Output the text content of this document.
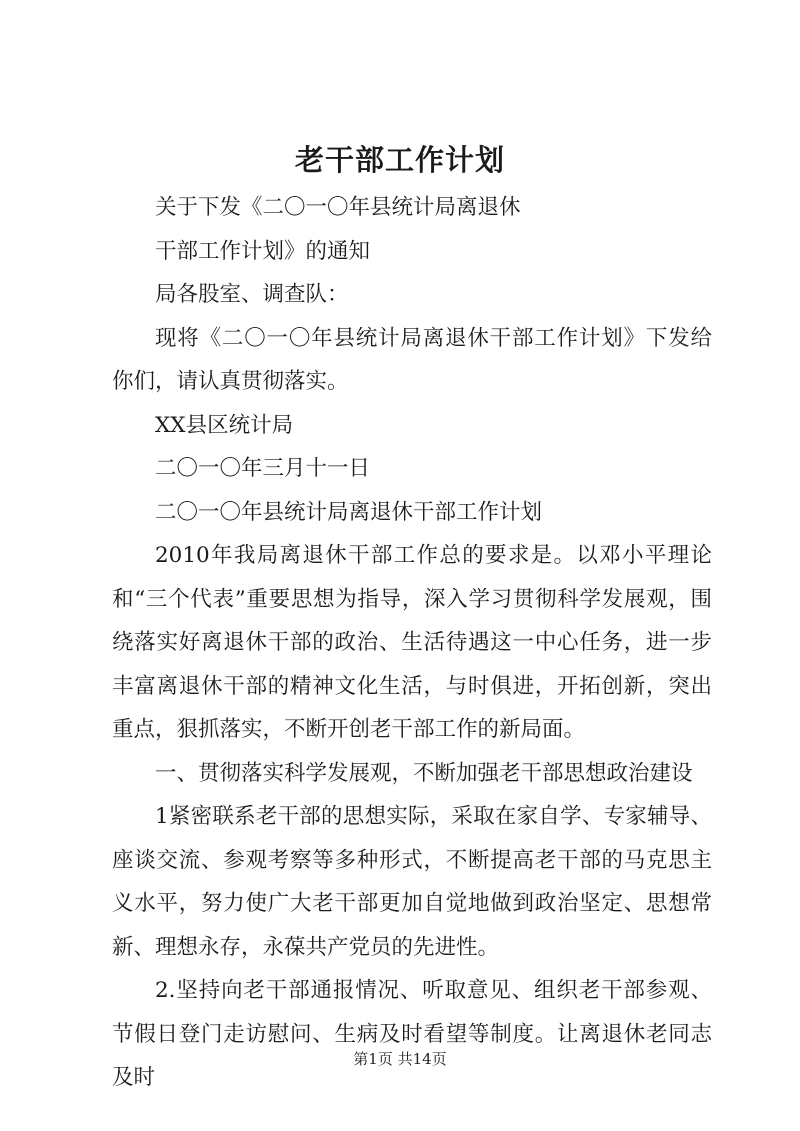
老干部工作计划

关于下发《二〇一〇年县统计局离退休

干部工作计划》的通知

局各股室、调查队：

现将《二〇一〇年县统计局离退休干部工作计划》下发给你们，请认真贯彻落实。

XX县区统计局

二〇一〇年三月十一日

二〇一〇年县统计局离退休干部工作计划

2010年我局离退休干部工作总的要求是。以邓小平理论和“三个代表”重要思想为指导，深入学习贯彻科学发展观，围绕落实好离退休干部的政治、生活待遇这一中心任务，进一步丰富离退休干部的精神文化生活，与时俱进，开拓创新，突出重点，狠抓落实，不断开创老干部工作的新局面。

一、贯彻落实科学发展观，不断加强老干部思想政治建设

1紧密联系老干部的思想实际，采取在家自学、专家辅导、座谈交流、参观考察等多种形式，不断提高老干部的马克思主义水平，努力使广大老干部更加自觉地做到政治坚定、思想常新、理想永存，永葆共产党员的先进性。

2.坚持向老干部通报情况、听取意见、组织老干部参观、节假日登门走访慰问、生病及时看望等制度。让离退休老同志及时

第1页 共14页
